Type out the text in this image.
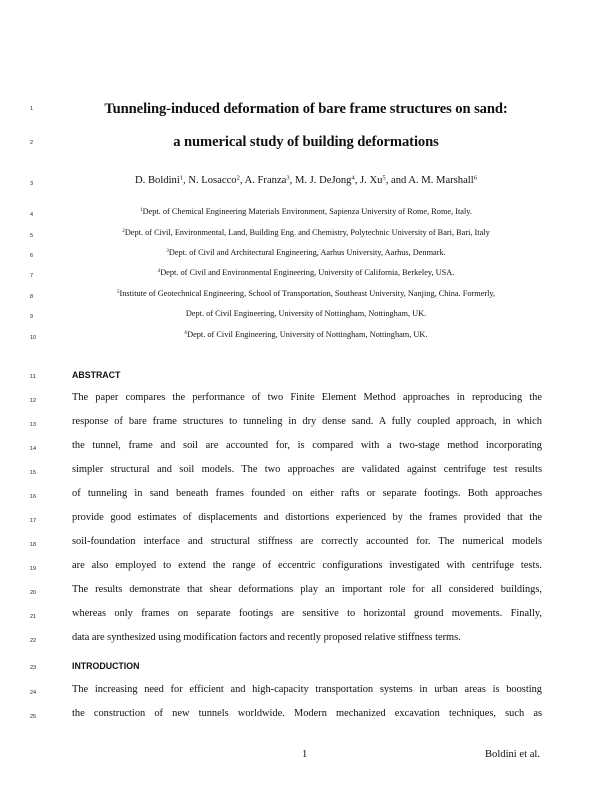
1	Tunneling-induced deformation of bare frame structures on sand:
2	a numerical study of building deformations
3	D. Boldini$^1$, N. Losacco$^2$, A. Franza$^3$, M. J. DeJong$^4$, J. Xu$^5$, and A. M. Marshall$^6$
4
$^1$Dept. of Chemical Engineering Materials Environment, Sapienza University of Rome, Rome, Italy.
5
$^2$Dept. of Civil, Environmental, Land, Building Eng. and Chemistry, Polytechnic University of Bari, Bari, Italy
6
$^3$Dept. of Civil and Architectural Engineering, Aarhus University, Aarhus, Denmark.
7
$^4$Dept. of Civil and Environmental Engineering, University of California, Berkeley, USA.
8
$^5$Institute of Geotechnical Engineering, School of Transportation, Southeast University, Nanjing, China. Formerly,
9	Dept. of Civil Engineering, University of Nottingham, Nottingham, UK.
10
$^6$Dept. of Civil Engineering, University of Nottingham, Nottingham, UK.
11	ABSTRACT
12	The paper compares the performance of two Finite Element Method approaches in reproducing the
13	response of bare frame structures to tunneling in dry dense sand. A fully coupled approach, in which
14	the tunnel, frame and soil are accounted for, is compared with a two-stage method incorporating
15	simpler structural and soil models. The two approaches are validated against centrifuge test results
16	of tunneling in sand beneath frames founded on either rafts or separate footings. Both approaches
17	provide good estimates of displacements and distortions experienced by the frames provided that the
18	soil-foundation interface and structural stiffness are correctly accounted for. The numerical models
19	are also employed to extend the range of eccentric configurations investigated with centrifuge tests.
20	The results demonstrate that shear deformations play an important role for all considered buildings,
21	whereas only frames on separate footings are sensitive to horizontal ground movements. Finally,
22	data are synthesized using modification factors and recently proposed relative stiffness terms.
23	INTRODUCTION
24	The increasing need for efficient and high-capacity transportation systems in urban areas is boosting
25	the construction of new tunnels worldwide. Modern mechanized excavation techniques, such as
1	Boldini et al.
